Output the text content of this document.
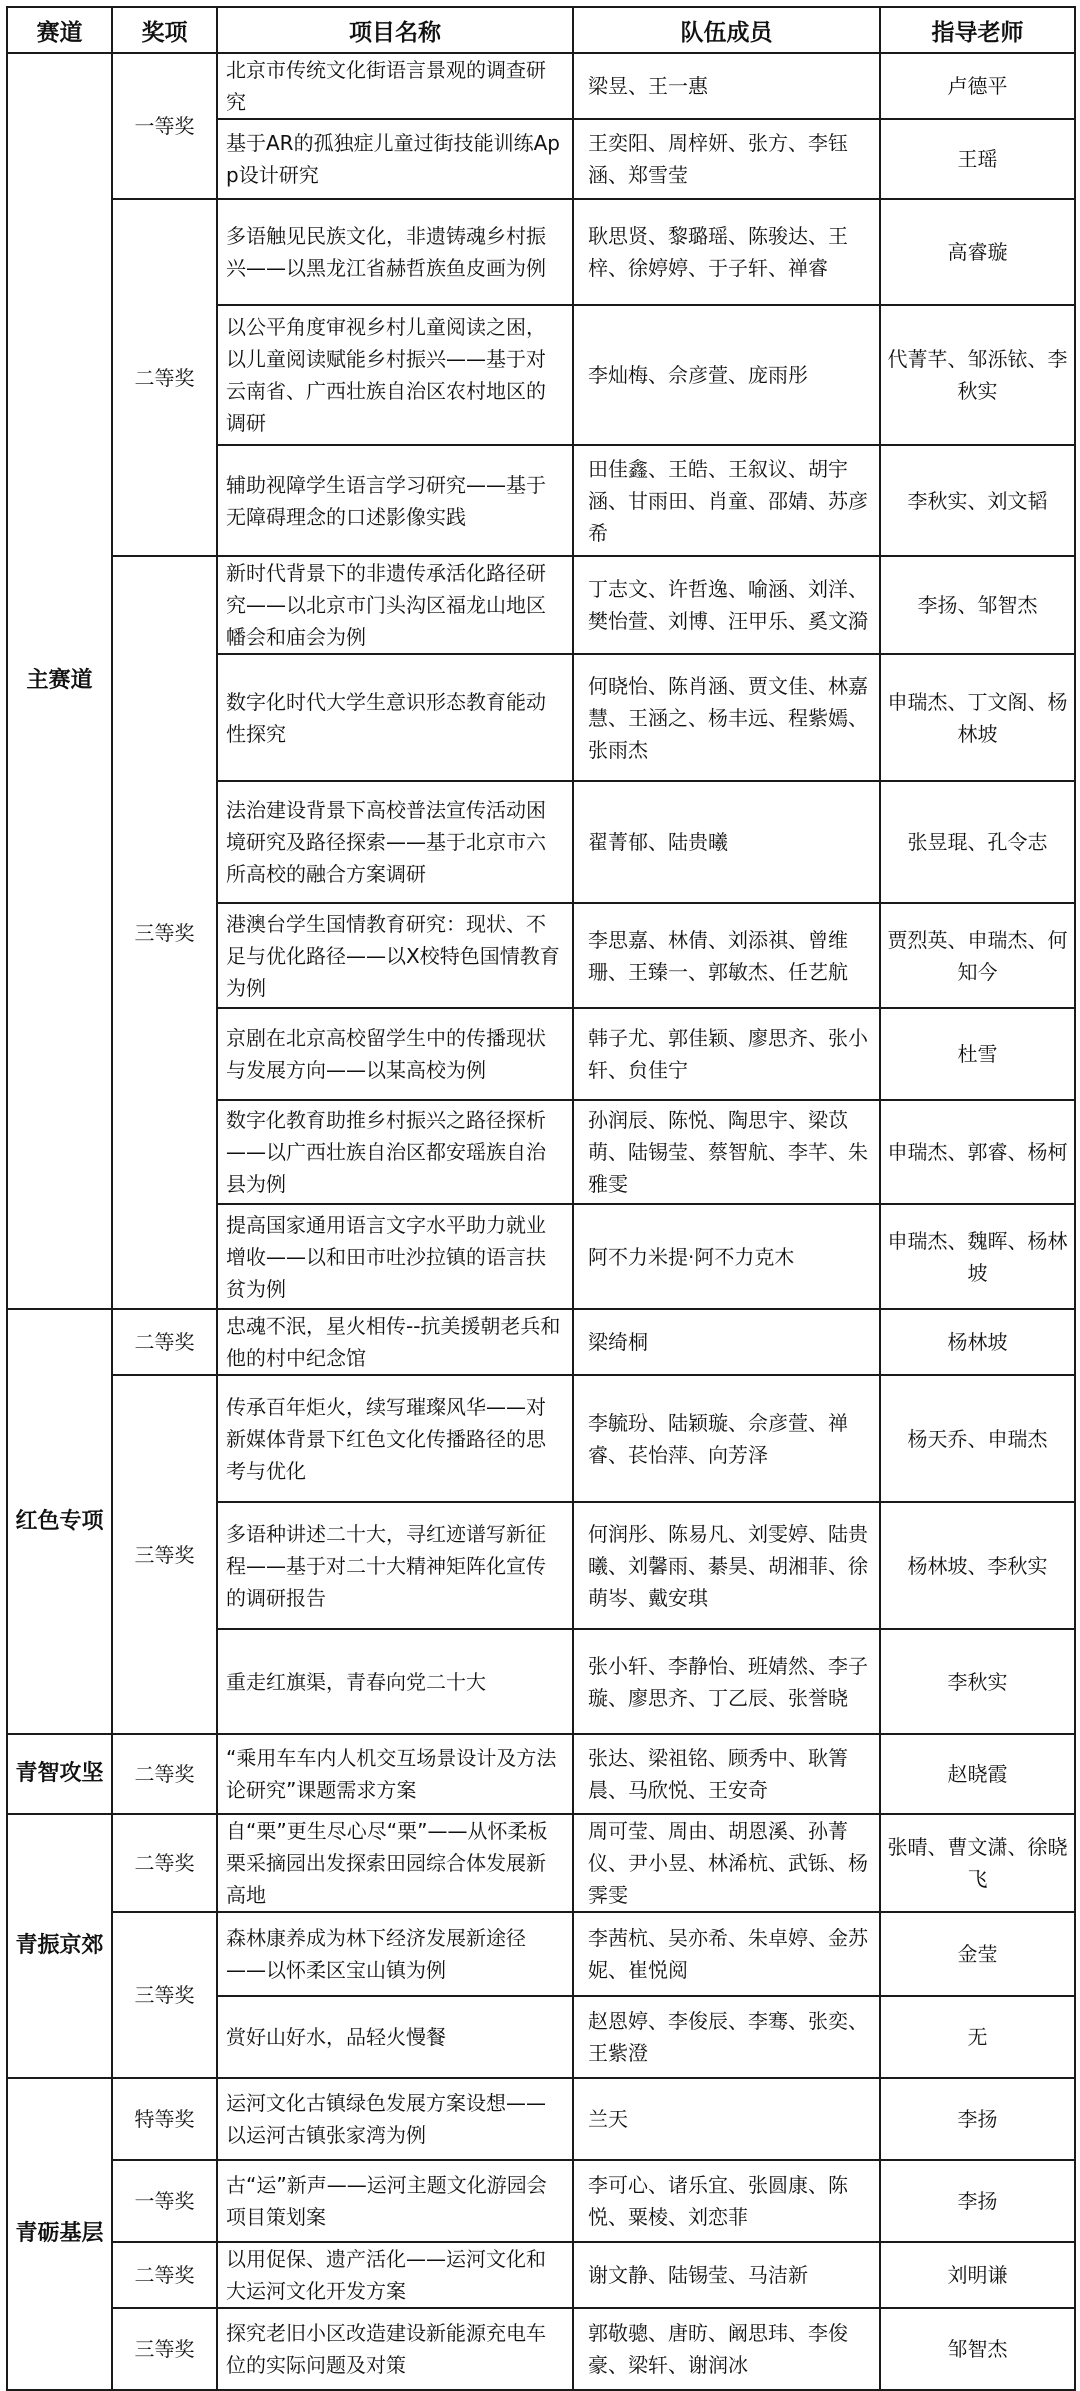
赛道	奖项	项目名称	队伍成员	指导老师
主赛道	一等奖	北京市传统文化街语言景观的调查研究	梁昱、王一惠	卢德平
		基于AR的孤独症儿童过街技能训练App设计研究	王奕阳、周梓妍、张方、李钰涵、郑雪莹	王瑶
	二等奖	多语触见民族文化，非遗铸魂乡村振兴——以黑龙江省赫哲族鱼皮画为例	耿思贤、黎璐瑶、陈骏达、王梓、徐婷婷、于子轩、禅睿	高睿璇
		以公平角度审视乡村儿童阅读之困，以儿童阅读赋能乡村振兴——基于对云南省、广西壮族自治区农村地区的调研	李灿梅、佘彦萱、庞雨彤	代菁芊、邹泺铱、李秋实
		辅助视障学生语言学习研究——基于无障碍理念的口述影像实践	田佳鑫、王皓、王叙议、胡宇涵、甘雨田、肖童、邵婧、苏彦希	李秋实、刘文韬
	三等奖	新时代背景下的非遗传承活化路径研究——以北京市门头沟区福龙山地区幡会和庙会为例	丁志文、许哲逸、喻涵、刘洋、樊怡萱、刘博、汪甲乐、奚文漪	李扬、邹智杰
		数字化时代大学生意识形态教育能动性探究	何晓怡、陈肖涵、贾文佳、林嘉慧、王涵之、杨丰远、程紫嫣、张雨杰	申瑞杰、丁文阁、杨林坡
		法治建设背景下高校普法宣传活动困境研究及路径探索——基于北京市六所高校的融合方案调研	翟菁郁、陆贵曦	张昱琨、孔令志
		港澳台学生国情教育研究：现状、不足与优化路径——以X校特色国情教育为例	李思嘉、林倩、刘添祺、曾维珊、王臻一、郭敏杰、任艺航	贾烈英、申瑞杰、何知今
		京剧在北京高校留学生中的传播现状与发展方向——以某高校为例	韩子尤、郭佳颖、廖思齐、张小轩、贠佳宁	杜雪
		数字化教育助推乡村振兴之路径探析——以广西壮族自治区都安瑶族自治县为例	孙润辰、陈悦、陶思宇、梁苡萌、陆锡莹、蔡智航、李芊、朱雅雯	申瑞杰、郭睿、杨柯
		提高国家通用语言文字水平助力就业增收——以和田市吐沙拉镇的语言扶贫为例	阿不力米提·阿不力克木	申瑞杰、魏晖、杨林坡
红色专项	二等奖	忠魂不泯，星火相传--抗美援朝老兵和他的村中纪念馆	梁绮桐	杨林坡
	三等奖	传承百年炬火，续写璀璨风华——对新媒体背景下红色文化传播路径的思考与优化	李毓玢、陆颖璇、佘彦萱、禅睿、苌怡萍、向芳泽	杨天乔、申瑞杰
		多语种讲述二十大，寻红迹谱写新征程——基于对二十大精神矩阵化宣传的调研报告	何润彤、陈易凡、刘雯婷、陆贵曦、刘馨雨、綦昊、胡湘菲、徐萌岑、戴安琪	杨林坡、李秋实
		重走红旗渠，青春向党二十大	张小轩、李静怡、班婧然、李子璇、廖思齐、丁乙辰、张誉晓	李秋实
青智攻坚	二等奖	“乘用车车内人机交互场景设计及方法论研究”课题需求方案	张达、梁祖铭、顾秀中、耿箐晨、马欣悦、王安奇	赵晓霞
青振京郊	二等奖	自“栗”更生尽心尽“栗”——从怀柔板栗采摘园出发探索田园综合体发展新高地	周可莹、周由、胡恩溪、孙菁仪、尹小昱、林浠杭、武铄、杨霁雯	张晴、曹文潇、徐晓飞
	三等奖	森林康养成为林下经济发展新途径——以怀柔区宝山镇为例	李茜杭、吴亦希、朱卓婷、金苏妮、崔悦阅	金莹
		赏好山好水，品轻火慢餐	赵恩婷、李俊辰、李骞、张奕、王紫澄	无
青砺基层	特等奖	运河文化古镇绿色发展方案设想——以运河古镇张家湾为例	兰天	李扬
	一等奖	古“运”新声——运河主题文化游园会项目策划案	李可心、诸乐宜、张圆康、陈悦、粟棱、刘恋菲	李扬
	二等奖	以用促保、遗产活化——运河文化和大运河文化开发方案	谢文静、陆锡莹、马洁新	刘明谦
	三等奖	探究老旧小区改造建设新能源充电车位的实际问题及对策	郭敬骢、唐昉、阚思玮、李俊豪、梁轩、谢润冰	邹智杰
